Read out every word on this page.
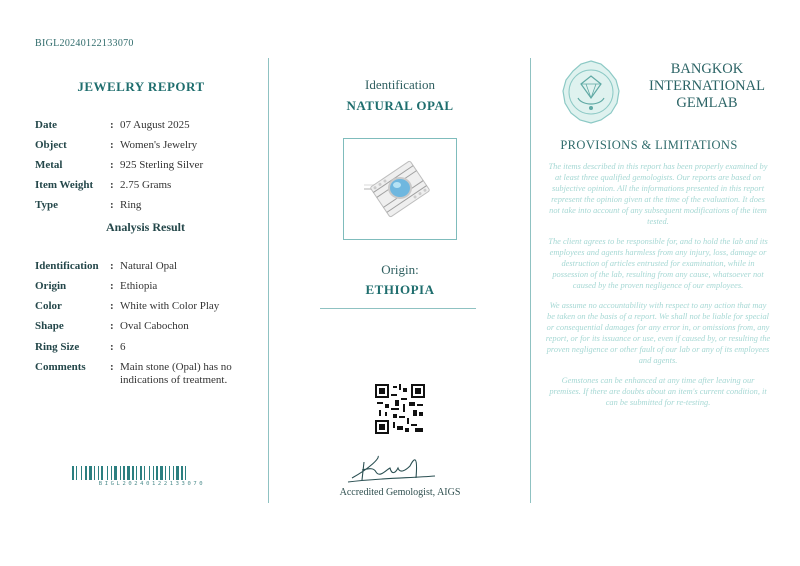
BIGL20240122133070
JEWELRY REPORT
Date	: 07 August 2025
Object	: Women's Jewelry
Metal	: 925 Sterling Silver
Item Weight	: 2.75 Grams
Type	: Ring
Analysis Result
Identification	: Natural Opal
Origin	: Ethiopia
Color	: White with Color Play
Shape	: Oval Cabochon
Ring Size	: 6
Comments	: Main stone (Opal) has no indications of treatment.
BIGL20240122133070
Identification
NATURAL OPAL
Origin:
ETHIOPIA
Accredited Gemologist, AIGS
BANGKOK
INTERNATIONAL
GEMLAB
PROVISIONS & LIMITATIONS

The items described in this report has been properly examined by at least three qualified gemologists. Our reports are based on subjective opinion. All the informations presented in this report represent the opinion given at the time of the evaluation. It does not take into account of any subsequent modifications of the item tested.

The client agrees to be responsible for, and to hold the lab and its employees and agents harmless from any injury, loss, damage or destruction of articles entrusted for examination, while in possession of the lab, resulting from any cause, whatsoever not caused by the proven negligence of our employees.

We assume no accountability with respect to any action that may be taken on the basis of a report. We shall not be liable for special or consequential damages for any error in, or omissions from, any report, or for its issuance or use, even if caused by, or resulting the proven negligence or other fault of our lab or any of its employees and agents.

Gemstones can be enhanced at any time after leaving our premises. If there are doubts about an item's current condition, it can be submitted for re-testing.
